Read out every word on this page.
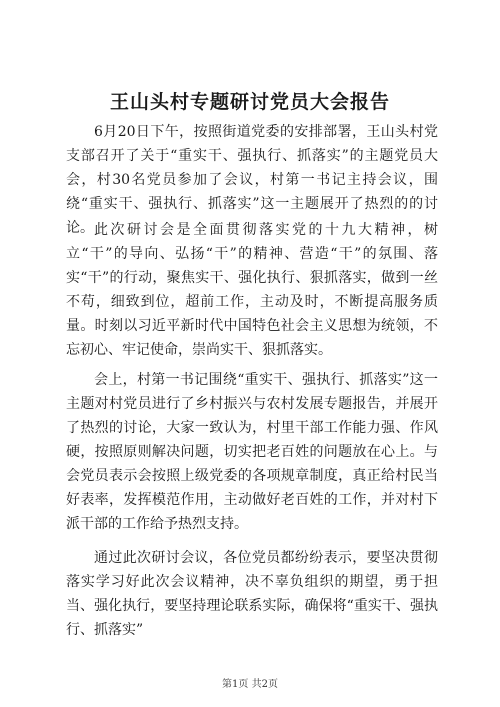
王山头村专题研讨党员大会报告

6月20日下午，按照街道党委的安排部署，王山头村党支部召开了关于“重实干、强执行、抓落实”的主题党员大会，村30名党员参加了会议，村第一书记主持会议，围绕“重实干、强执行、抓落实”这一主题展开了热烈的的讨论。 此次研讨会是全面贯彻落实党的十九大精神，树立“干”的导向、弘扬“干”的精神、营造“干”的氛围、落实“干”的行动，聚焦实干、强化执行、狠抓落实，做到一丝不苟，细致到位，超前工作，主动及时，不断提高服务质量。时刻以习近平新时代中国特色社会主义思想为统领，不忘初心、牢记使命，崇尚实干、狠抓落实。

会上，村第一书记围绕“重实干、强执行、抓落实”这一主题对村党员进行了乡村振兴与农村发展专题报告，并展开了热烈的讨论，大家一致认为，村里干部工作能力强、作风硬，按照原则解决问题，切实把老百姓的问题放在心上。与会党员表示会按照上级党委的各项规章制度，真正给村民当好表率，发挥模范作用，主动做好老百姓的工作，并对村下派干部的工作给予热烈支持。

通过此次研讨会议，各位党员都纷纷表示，要坚决贯彻落实学习好此次会议精神，决不辜负组织的期望，勇于担当、强化执行，要坚持理论联系实际，确保将“重实干、强执行、抓落实”

第1页 共2页
